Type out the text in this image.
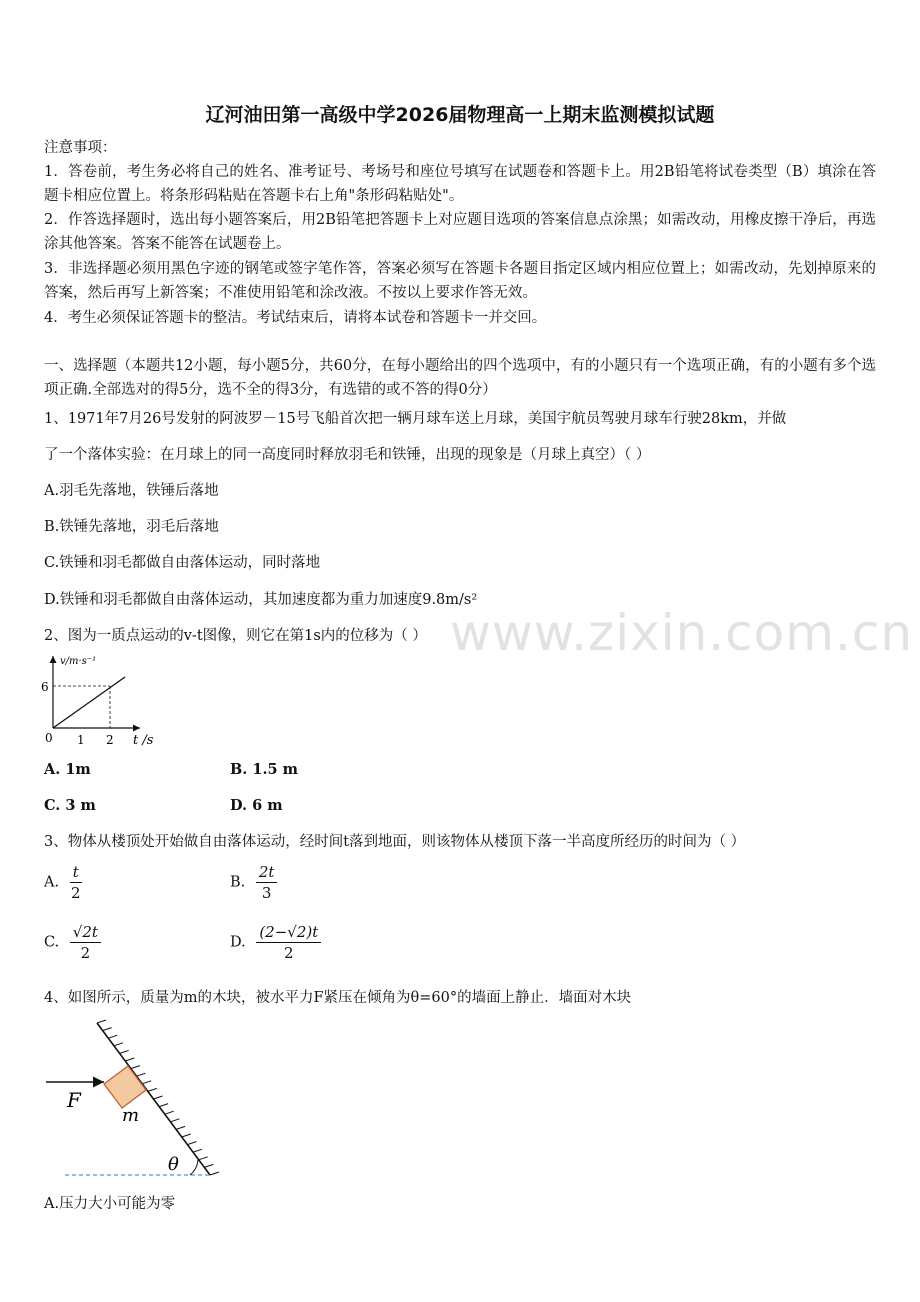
辽河油田第一高级中学2026届物理高一上期末监测模拟试题
注意事项：
1．答卷前，考生务必将自己的姓名、准考证号、考场号和座位号填写在试题卷和答题卡上。用2B铅笔将试卷类型（B）填涂在答题卡相应位置上。将条形码粘贴在答题卡右上角"条形码粘贴处"。
2．作答选择题时，选出每小题答案后，用2B铅笔把答题卡上对应题目选项的答案信息点涂黑；如需改动，用橡皮擦干净后，再选涂其他答案。答案不能答在试题卷上。
3．非选择题必须用黑色字迹的钢笔或签字笔作答，答案必须写在答题卡各题目指定区域内相应位置上；如需改动，先划掉原来的答案，然后再写上新答案；不准使用铅笔和涂改液。不按以上要求作答无效。
4．考生必须保证答题卡的整洁。考试结束后，请将本试卷和答题卡一并交回。
一、选择题（本题共12小题，每小题5分，共60分，在每小题给出的四个选项中，有的小题只有一个选项正确，有的小题有多个选项正确.全部选对的得5分，选不全的得3分，有选错的或不答的得0分）
1、1971年7月26号发射的阿波罗－15号飞船首次把一辆月球车送上月球，美国宇航员驾驶月球车行驶28km，并做
了一个落体实验：在月球上的同一高度同时释放羽毛和铁锤，出现的现象是（月球上真空）（ ）
A.羽毛先落地，铁锤后落地
B.铁锤先落地，羽毛后落地
C.铁锤和羽毛都做自由落体运动，同时落地
D.铁锤和羽毛都做自由落体运动，其加速度都为重力加速度9.8m/s²
2、图为一质点运动的v-t图像，则它在第1s内的位移为（ ）
v/m·s⁻¹
6
0 1 2 t /s
A. 1m	B. 1.5 m
C. 3 m	D. 6 m
3、物体从楼顶处开始做自由落体运动，经时间t落到地面，则该物体从楼顶下落一半高度所经历的时间为（ ）
A. $\frac{t}{2}$	B. $\frac{2t}{3}$
C. $\frac{√2t}{2}$	D. $\frac{(2-√2)t}{2}$
4、如图所示，质量为m的木块，被水平力F紧压在倾角为θ=60°的墙面上静止．墙面对木块
F
m
θ
A.压力大小可能为零
www.zixin.com.cn
